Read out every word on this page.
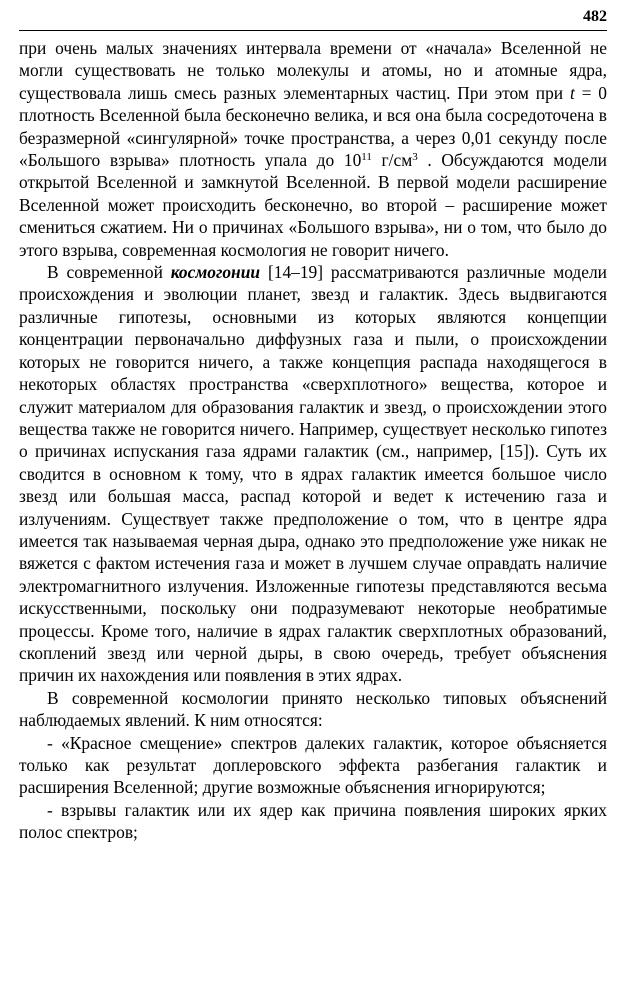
482

при очень малых значениях интервала времени от «начала» Вселенной не могли существовать не только молекулы и атомы, но и атомные ядра, существовала лишь смесь разных элементарных частиц. При этом при t = 0 плотность Вселенной была бесконечно велика, и вся она была сосредоточена в безразмерной «сингулярной» точке пространства, а через 0,01 секунду после «Большого взрыва» плотность упала до $10^{11}$ $г/см^3$ . Обсуждаются модели открытой Вселенной и замкнутой Вселенной. В первой модели расширение Вселенной может происходить бесконечно, во второй – расширение может смениться сжатием. Ни о причинах «Большого взрыва», ни о том, что было до этого взрыва, современная космология не говорит ничего.

В современной космогонии [14–19] рассматриваются различные модели происхождения и эволюции планет, звезд и галактик. Здесь выдвигаются различные гипотезы, основными из которых являются концепции концентрации первоначально диффузных газа и пыли, о происхождении которых не говорится ничего, а также концепция распада находящегося в некоторых областях пространства «сверхплотного» вещества, которое и служит материалом для образования галактик и звезд, о происхождении этого вещества также не говорится ничего. Например, существует несколько гипотез о причинах испускания газа ядрами галактик (см., например, [15]). Суть их сводится в основном к тому, что в ядрах галактик имеется большое число звезд или большая масса, распад которой и ведет к истечению газа и излучениям. Существует также предположение о том, что в центре ядра имеется так называемая черная дыра, однако это предположение уже никак не вяжется с фактом истечения газа и может в лучшем случае оправдать наличие электромагнитного излучения. Изложенные гипотезы представляются весьма искусственными, поскольку они подразумевают некоторые необратимые процессы. Кроме того, наличие в ядрах галактик сверхплотных образований, скоплений звезд или черной дыры, в свою очередь, требует объяснения причин их нахождения или появления в этих ядрах.

В современной космологии принято несколько типовых объяснений наблюдаемых явлений. К ним относятся:

- «Красное смещение» спектров далеких галактик, которое объясняется только как результат доплеровского эффекта разбегания галактик и расширения Вселенной; другие возможные объяснения игнорируются;

- взрывы галактик или их ядер как причина появления широких ярких полос спектров;
